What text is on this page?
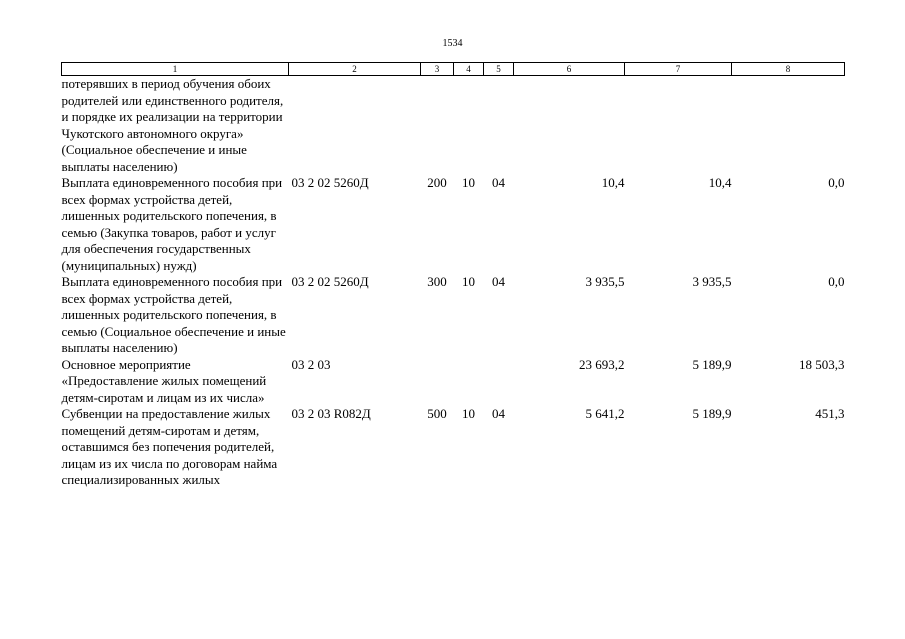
1534
1	2	3	4	5	6	7	8
потерявших в период обучения обоих родителей или единственного родителя, и порядке их реализации на территории Чукотского автономного округа» (Социальное обеспечение и иные выплаты населению)							
Выплата единовременного пособия при всех формах устройства детей, лишенных родительского попечения, в семью (Закупка товаров, работ и услуг для обеспечения государственных (муниципальных) нужд)	03 2 02 5260Д	200	10	04	10,4	10,4	0,0
Выплата единовременного пособия при всех формах устройства детей, лишенных родительского попечения, в семью (Социальное обеспечение и иные выплаты населению)	03 2 02 5260Д	300	10	04	3 935,5	3 935,5	0,0
Основное мероприятие «Предоставление жилых помещений детям-сиротам и лицам из их числа»	03 2 03				23 693,2	5 189,9	18 503,3
Субвенции на предоставление жилых помещений детям-сиротам и детям, оставшимся без попечения родителей, лицам из их числа по договорам найма специализированных жилых	03 2 03 R082Д	500	10	04	5 641,2	5 189,9	451,3
